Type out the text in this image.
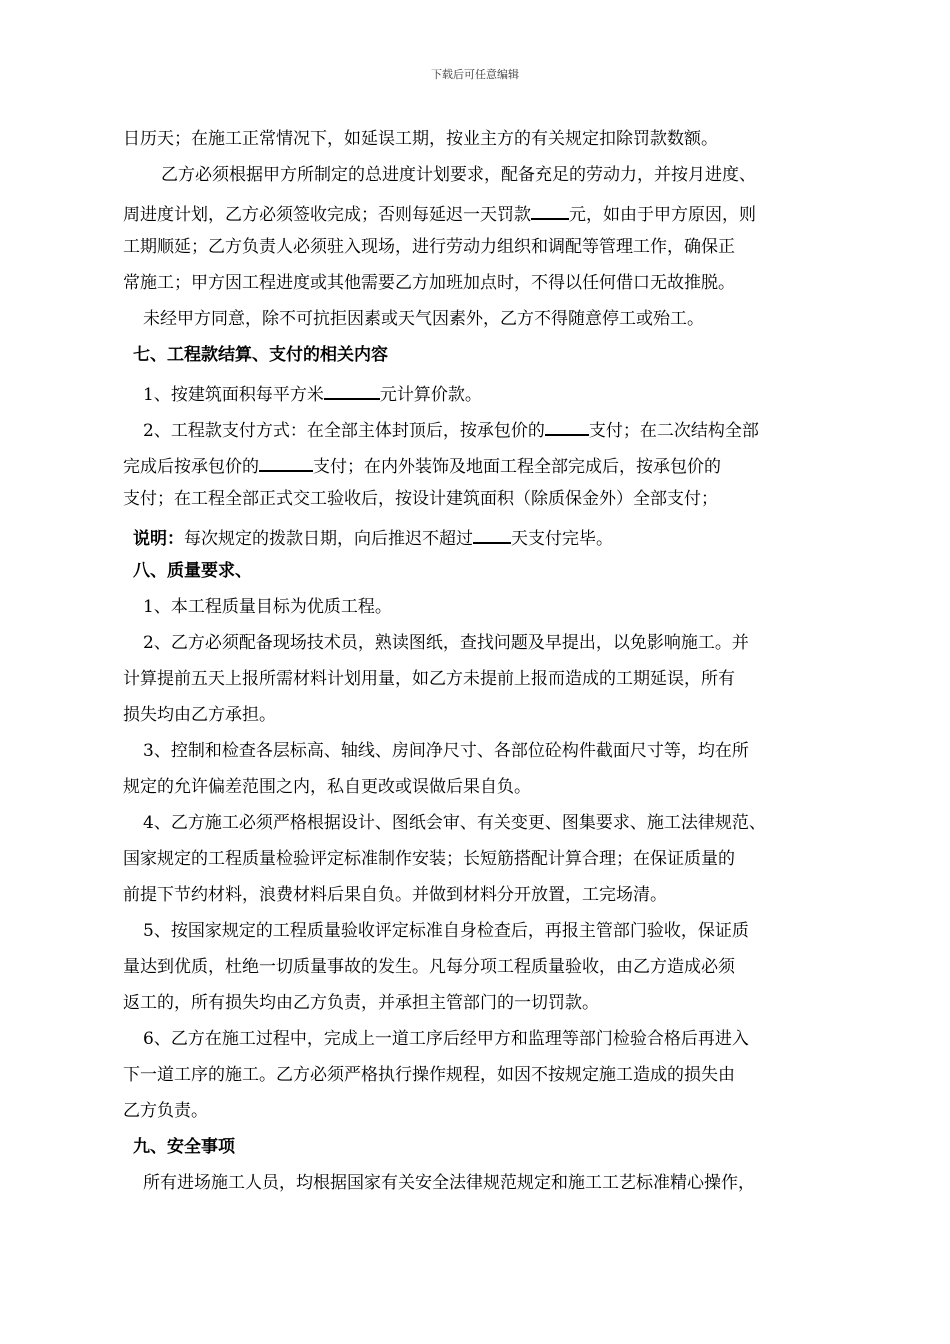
下载后可任意编辑
日历天；在施工正常情况下，如延误工期，按业主方的有关规定扣除罚款数额。
乙方必须根据甲方所制定的总进度计划要求，配备充足的劳动力，并按月进度、
周进度计划，乙方必须签收完成；否则每延迟一天罚款 元，如由于甲方原因，则
工期顺延；乙方负责人必须驻入现场，进行劳动力组织和调配等管理工作，确保正
常施工；甲方因工程进度或其他需要乙方加班加点时，不得以任何借口无故推脱。
未经甲方同意，除不可抗拒因素或天气因素外，乙方不得随意停工或殆工。
七、工程款结算、支付的相关内容
1、按建筑面积每平方米	元计算价款。
2、工程款支付方式：在全部主体封顶后，按承包价的	支付；在二次结构全部
完成后按承包价的	支付；在内外装饰及地面工程全部完成后，按承包价的
支付；在工程全部正式交工验收后，按设计建筑面积（除质保金外）全部支付；
说明：每次规定的拨款日期，向后推迟不超过 天支付完毕。
八、质量要求、
1、本工程质量目标为优质工程。
2、乙方必须配备现场技术员，熟读图纸，查找问题及早提出，以免影响施工。并
计算提前五天上报所需材料计划用量，如乙方未提前上报而造成的工期延误，所有
损失均由乙方承担。
3、控制和检查各层标高、轴线、房间净尺寸、各部位砼构件截面尺寸等，均在所
规定的允许偏差范围之内，私自更改或误做后果自负。
4、乙方施工必须严格根据设计、图纸会审、有关变更、图集要求、施工法律规范、
国家规定的工程质量检验评定标准制作安装；长短筋搭配计算合理；在保证质量的
前提下节约材料，浪费材料后果自负。并做到材料分开放置，工完场清。
5、按国家规定的工程质量验收评定标准自身检查后，再报主管部门验收，保证质
量达到优质，杜绝一切质量事故的发生。凡每分项工程质量验收，由乙方造成必须
返工的，所有损失均由乙方负责，并承担主管部门的一切罚款。
6、乙方在施工过程中，完成上一道工序后经甲方和监理等部门检验合格后再进入
下一道工序的施工。乙方必须严格执行操作规程，如因不按规定施工造成的损失由
乙方负责。
九、安全事项
所有进场施工人员，均根据国家有关安全法律规范规定和施工工艺标准精心操作，
